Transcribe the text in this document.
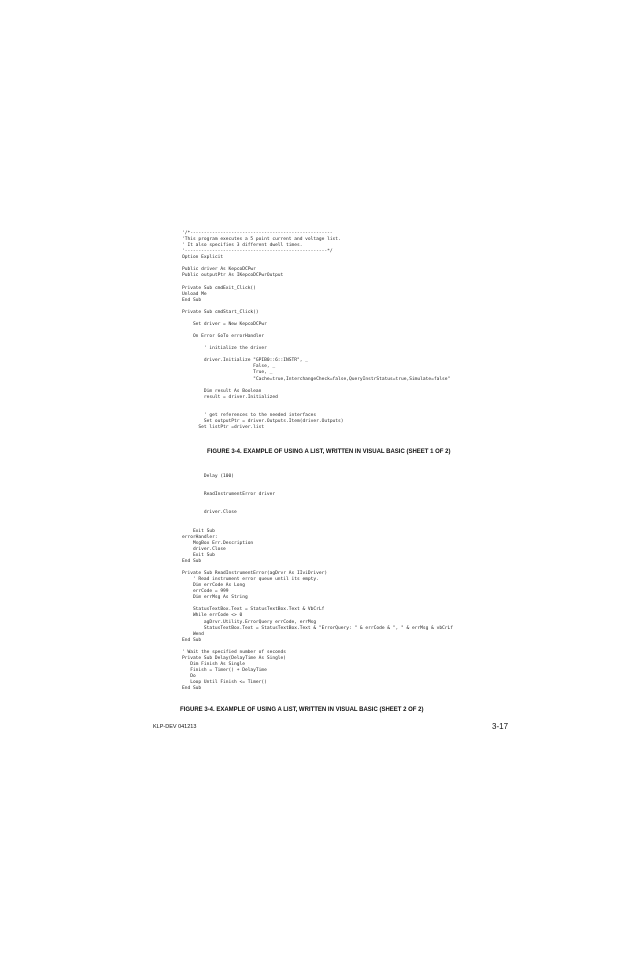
'/*----------------------------------------------------
'This program executes a 5 point current and voltage list.
' It also specifies 3 different dwell times.
'----------------------------------------------------*/
Option Explicit

Public driver As KepcoDCPwr
Public outputPtr As IKepcoDCPwrOutput

Private Sub cmdExit_Click()
Unload Me
End Sub

Private Sub cmdStart_Click()

Set driver = New KepcoDCPwr

On Error GoTo errorHandler

' initialize the driver

driver.Initialize "GPIB0::6::INSTR", _
False, _
True, _
"Cache=true,InterchangeCheck=false,QueryInstrStatus=true,Simulate=false"

Dim result As Boolean
result = driver.Initialized

' get references to the needed interfaces
Set outputPtr = driver.Outputs.Item(driver.Outputs)
Set listPtr =driver.list
FIGURE 3-4. EXAMPLE OF USING A LIST, WRITTEN IN VISUAL BASIC (SHEET 1 OF 2)
Delay (100)

ReadInstrumentError driver

driver.Close

Exit Sub
errorHandler:
MsgBox Err.Description
driver.Close
Exit Sub
End Sub

Private Sub ReadInstrumentError(agDrvr As IIviDriver)
' Read instrument error queue until its empty.
Dim errCode As Long
errCode = 999
Dim errMsg As String

StatusTextBox.Text = StatusTextBox.Text & VbCrLf
While errCode <> 0
agDrvr.Utility.ErrorQuery errCode, errMsg
StatusTextBox.Text = StatusTextBox.Text & "ErrorQuery: " & errCode & ", " & errMsg & vbCrLf
Wend
End Sub

' Wait the specified number of seconds
Private Sub Delay(DelayTime As Single)
Dim Finish As Single
Finish = Timer() + DelayTime
Do
Loop Until Finish <= Timer()
End Sub
FIGURE 3-4. EXAMPLE OF USING A LIST, WRITTEN IN VISUAL BASIC (SHEET 2 OF 2)
KLP-DEV 041213	3-17
